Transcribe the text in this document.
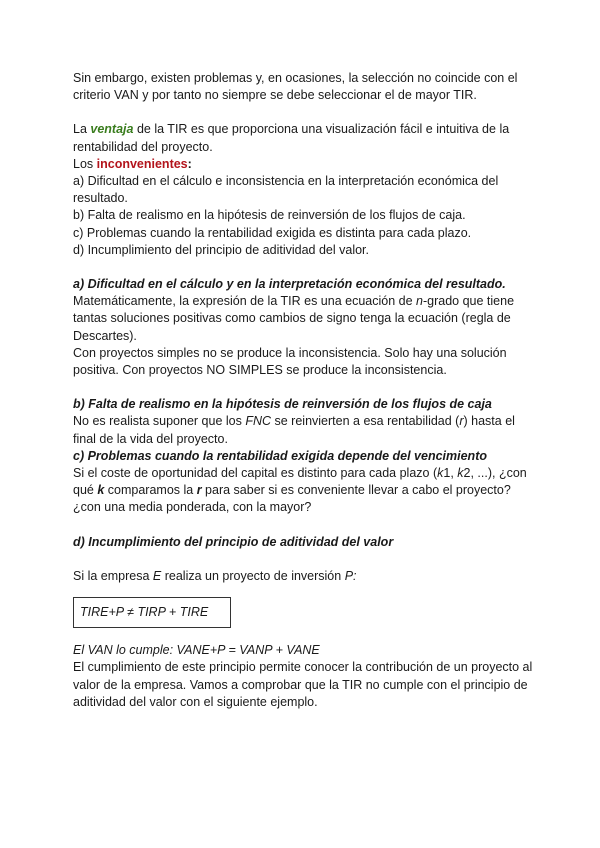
Sin embargo, existen problemas y, en ocasiones, la selección no coincide con el criterio VAN y por tanto no siempre se debe seleccionar el de mayor TIR.

La ventaja de la TIR es que proporciona una visualización fácil e intuitiva de la rentabilidad del proyecto.

Los inconvenientes:

a) Dificultad en el cálculo e inconsistencia en la interpretación económica del resultado.

b) Falta de realismo en la hipótesis de reinversión de los flujos de caja.

c) Problemas cuando la rentabilidad exigida es distinta para cada plazo.

d) Incumplimiento del principio de aditividad del valor.

a) Dificultad en el cálculo y en la interpretación económica del resultado.

Matemáticamente, la expresión de la TIR es una ecuación de n-grado que tiene tantas soluciones positivas como cambios de signo tenga la ecuación (regla de Descartes).

Con proyectos simples no se produce la inconsistencia. Solo hay una solución positiva. Con proyectos NO SIMPLES se produce la inconsistencia.

b) Falta de realismo en la hipótesis de reinversión de los flujos de caja

No es realista suponer que los FNC se reinvierten a esa rentabilidad (r) hasta el final de la vida del proyecto.

c) Problemas cuando la rentabilidad exigida depende del vencimiento

Si el coste de oportunidad del capital es distinto para cada plazo (k1, k2, ...), ¿con qué k comparamos la r para saber si es conveniente llevar a cabo el proyecto? ¿con una media ponderada, con la mayor?

d) Incumplimiento del principio de aditividad del valor

Si la empresa E realiza un proyecto de inversión P:

TIRE+P ≠ TIRP + TIRE

El VAN lo cumple: VANE+P = VANP + VANE

El cumplimiento de este principio permite conocer la contribución de un proyecto al valor de la empresa. Vamos a comprobar que la TIR no cumple con el principio de aditividad del valor con el siguiente ejemplo.
